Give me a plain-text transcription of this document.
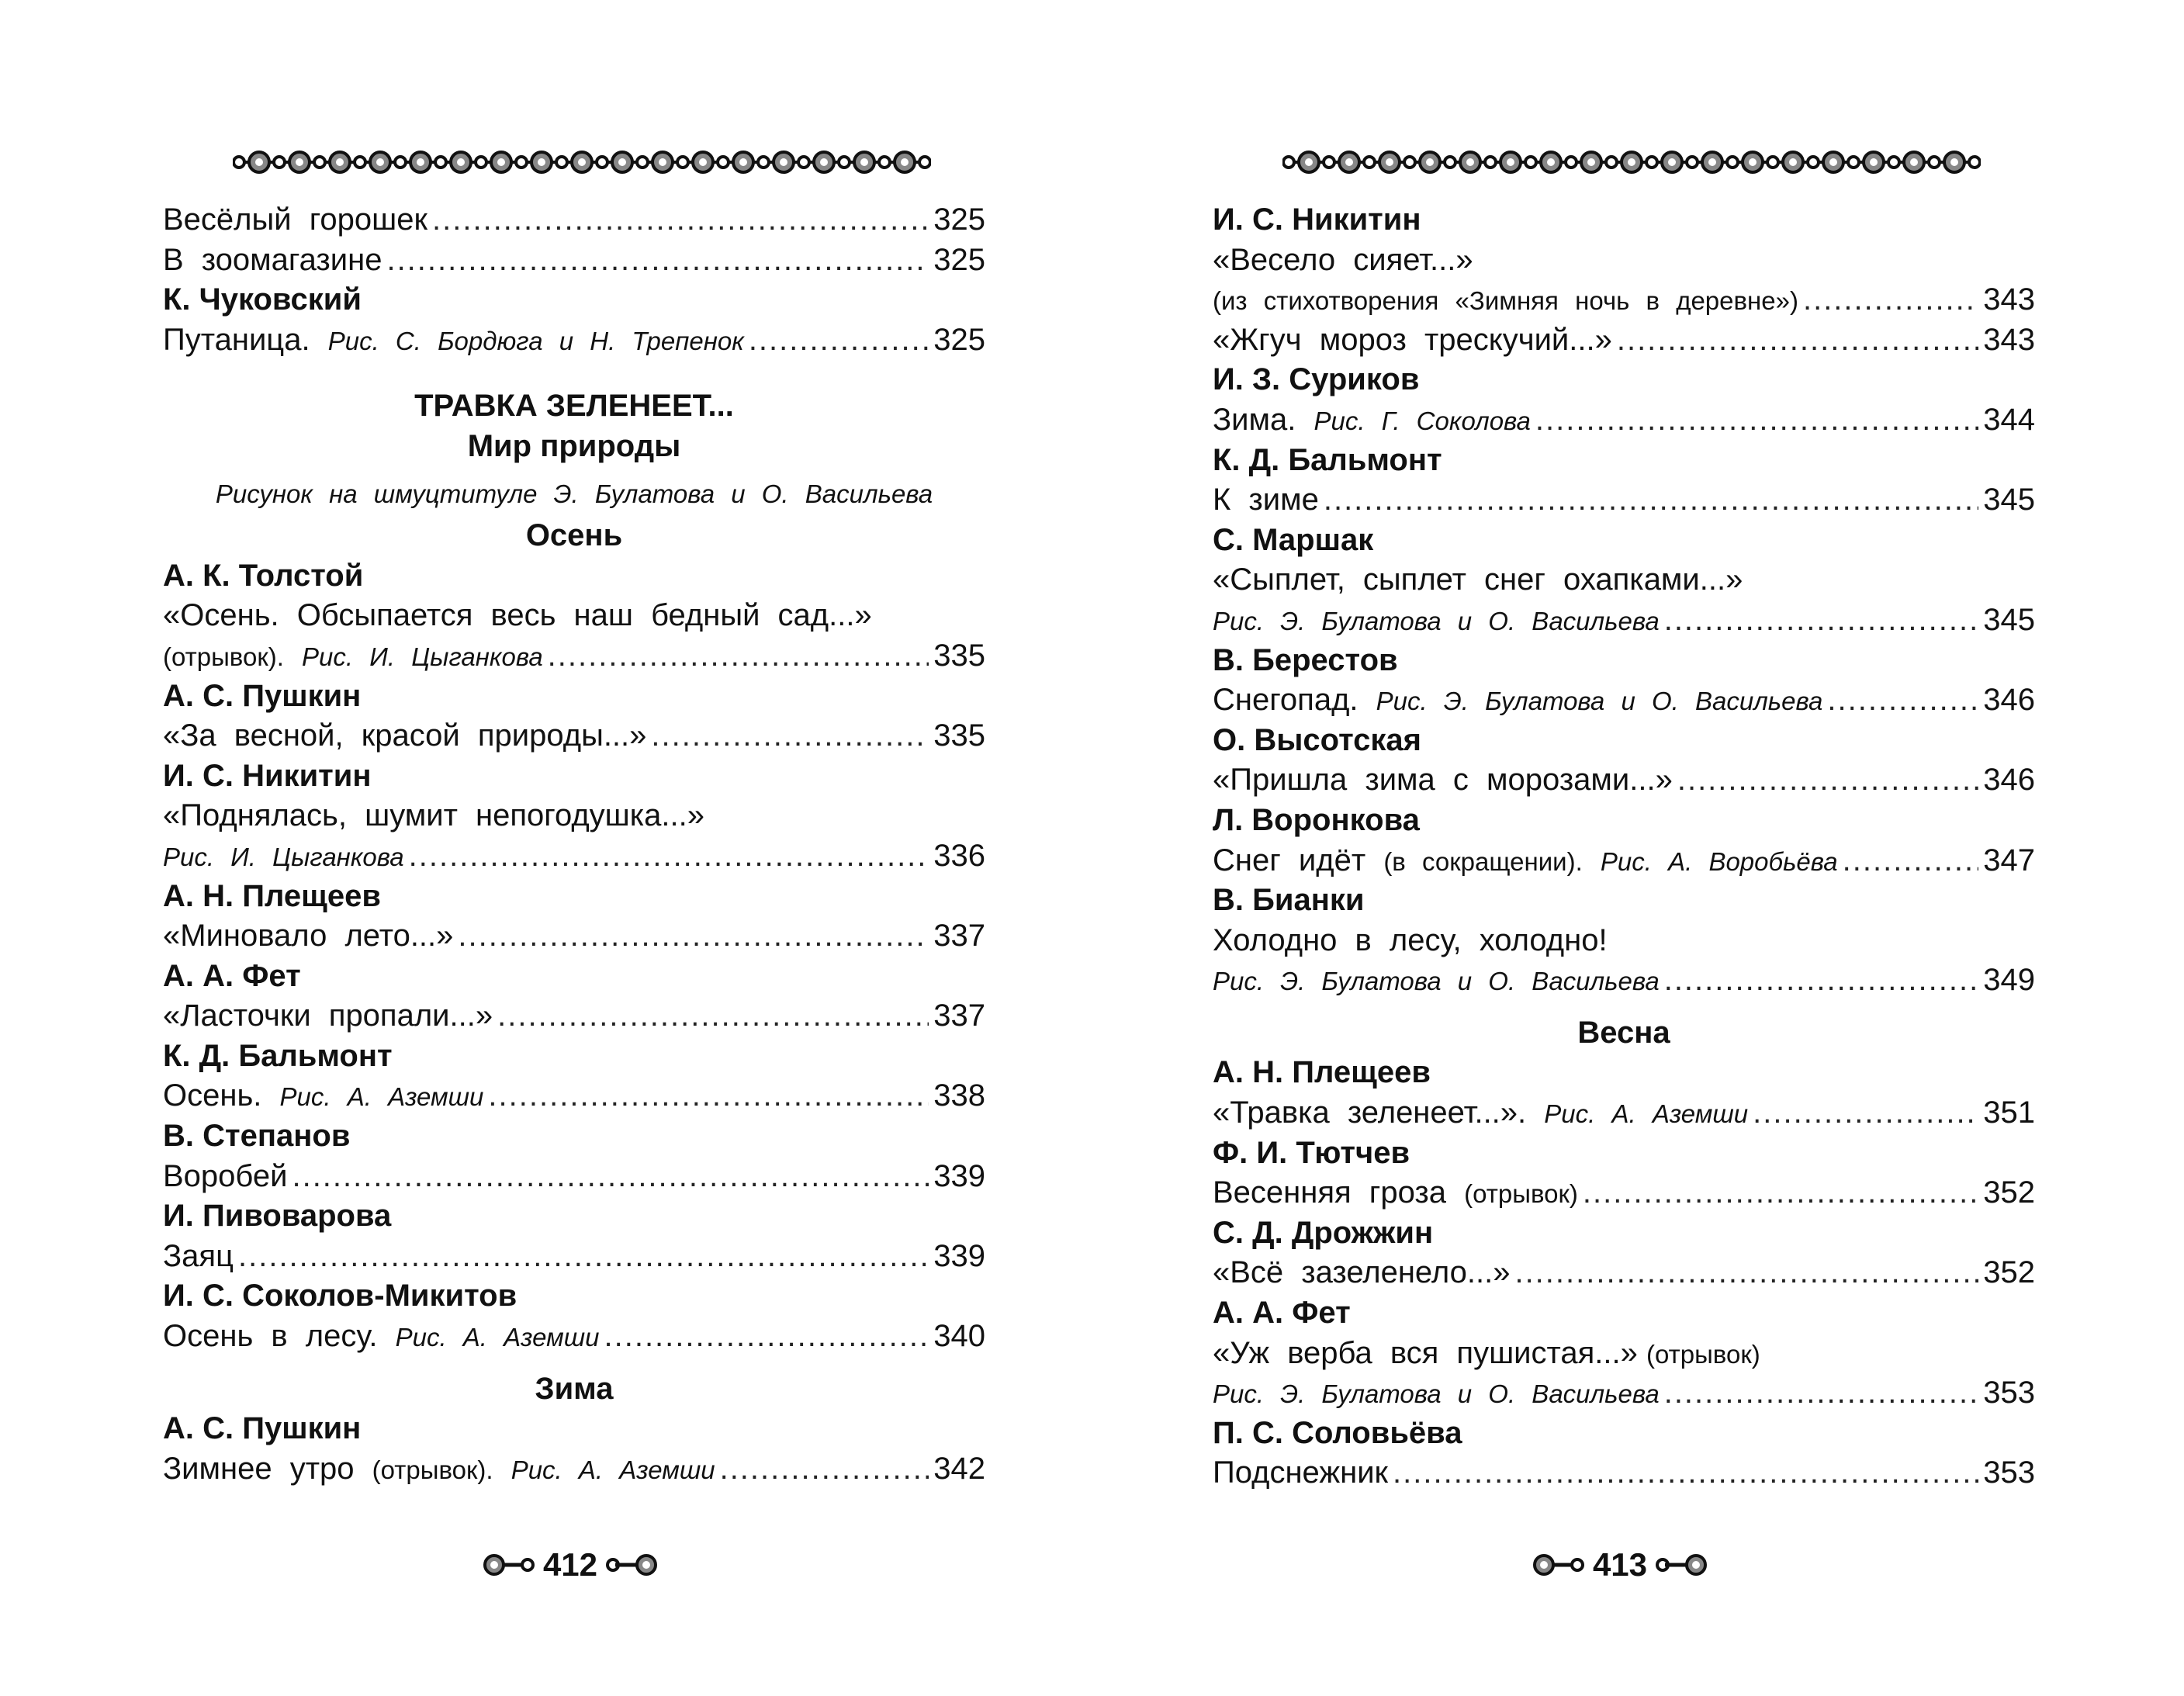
Весёлый горошек .....	325
В зоомагазине .....	325
К. Чуковский
Путаница. Рис. С. Бордюга и Н. Трепенок .....	325
ТРАВКА ЗЕЛЕНЕЕТ...
Мир природы
Рисунок на шмуцтитуле Э. Булатова и О. Васильева
Осень
А. К. Толстой
«Осень. Обсыпается весь наш бедный сад...»
(отрывок). Рис. И. Цыганкова .....	335
А. С. Пушкин
«За весной, красой природы...» .....	335
И. С. Никитин
«Поднялась, шумит непогодушка...»
Рис. И. Цыганкова .....	336
А. Н. Плещеев
«Миновало лето...» .....	337
А. А. Фет
«Ласточки пропали...» .....	337
К. Д. Бальмонт
Осень. Рис. А. Аземши .....	338
В. Степанов
Воробей .....	339
И. Пивоварова
Заяц .....	339
И. С. Соколов-Микитов
Осень в лесу. Рис. А. Аземши .....	340
Зима
А. С. Пушкин
Зимнее утро (отрывок). Рис. А. Аземши .....	342
412
И. С. Никитин
«Весело сияет...»
(из стихотворения «Зимняя ночь в деревне») .....	343
«Жгуч мороз трескучий...» .....	343
И. З. Суриков
Зима. Рис. Г. Соколова .....	344
К. Д. Бальмонт
К зиме .....	345
С. Маршак
«Сыплет, сыплет снег охапками...»
Рис. Э. Булатова и О. Васильева .....	345
В. Берестов
Снегопад. Рис. Э. Булатова и О. Васильева .....	346
О. Высотская
«Пришла зима с морозами...» .....	346
Л. Воронкова
Снег идёт (в сокращении). Рис. А. Воробьёва .....	347
В. Бианки
Холодно в лесу, холодно!
Рис. Э. Булатова и О. Васильева .....	349
Весна
А. Н. Плещеев
«Травка зеленеет...». Рис. А. Аземши .....	351
Ф. И. Тютчев
Весенняя гроза (отрывок) .....	352
С. Д. Дрожжин
«Всё зазеленело...» .....	352
А. А. Фет
«Уж верба вся пушистая...» (отрывок)
Рис. Э. Булатова и О. Васильева .....	353
П. С. Соловьёва
Подснежник .....	353
413
